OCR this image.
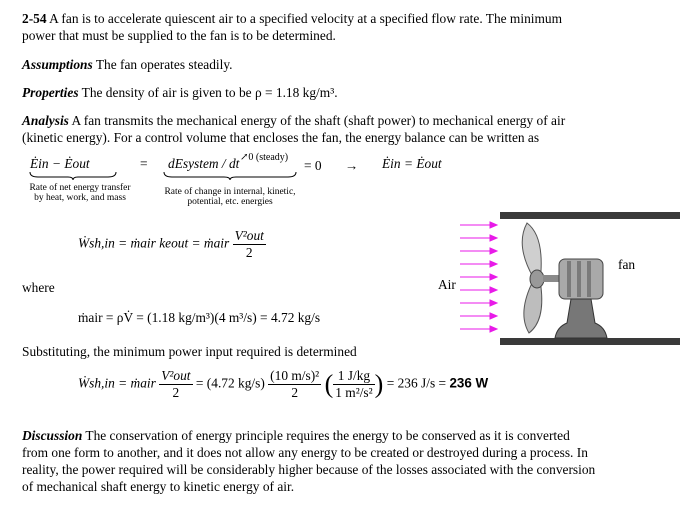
2-54 A fan is to accelerate quiescent air to a specified velocity at a specified flow rate. The minimum
power that must be supplied to the fan is to be determined.
Assumptions The fan operates steadily.
Properties The density of air is given to be ρ = 1.18 kg/m³.
Analysis A fan transmits the mechanical energy of the shaft (shaft power) to mechanical energy of air
(kinetic energy). For a control volume that encloses the fan, the energy balance can be written as
Ėin − Ėout	= dEsystem / dt ↗0 (steady)
= 0 → Ėin = Ėout
Rate of net energy transfer
by heat, work, and mass
Rate of change in internal, kinetic,
potential, etc. energies
Ẇsh,in = ṁair keout = ṁair $\frac{\text{V²out}}{2}$
where
ṁair = ρV̇ = (1.18 kg/m³)(4 m³/s) = 4.72 kg/s
Substituting, the minimum power input required is determined
Ẇsh,in = ṁair $\frac{\text{V²out}}{2} = (4.72$ $kg/s) \frac{\text{(10 m/s)²}}{2}$ ( $\frac{1 J/kg}{\text{1 m²/s²}}$ ) = 236 J/s = 236 W
Discussion The conservation of energy principle requires the energy to be conserved as it is converted
from one form to another, and it does not allow any energy to be created or destroyed during a process. In
reality, the power required will be considerably higher because of the losses associated with the conversion
of mechanical shaft energy to kinetic energy of air.
Air
fan
